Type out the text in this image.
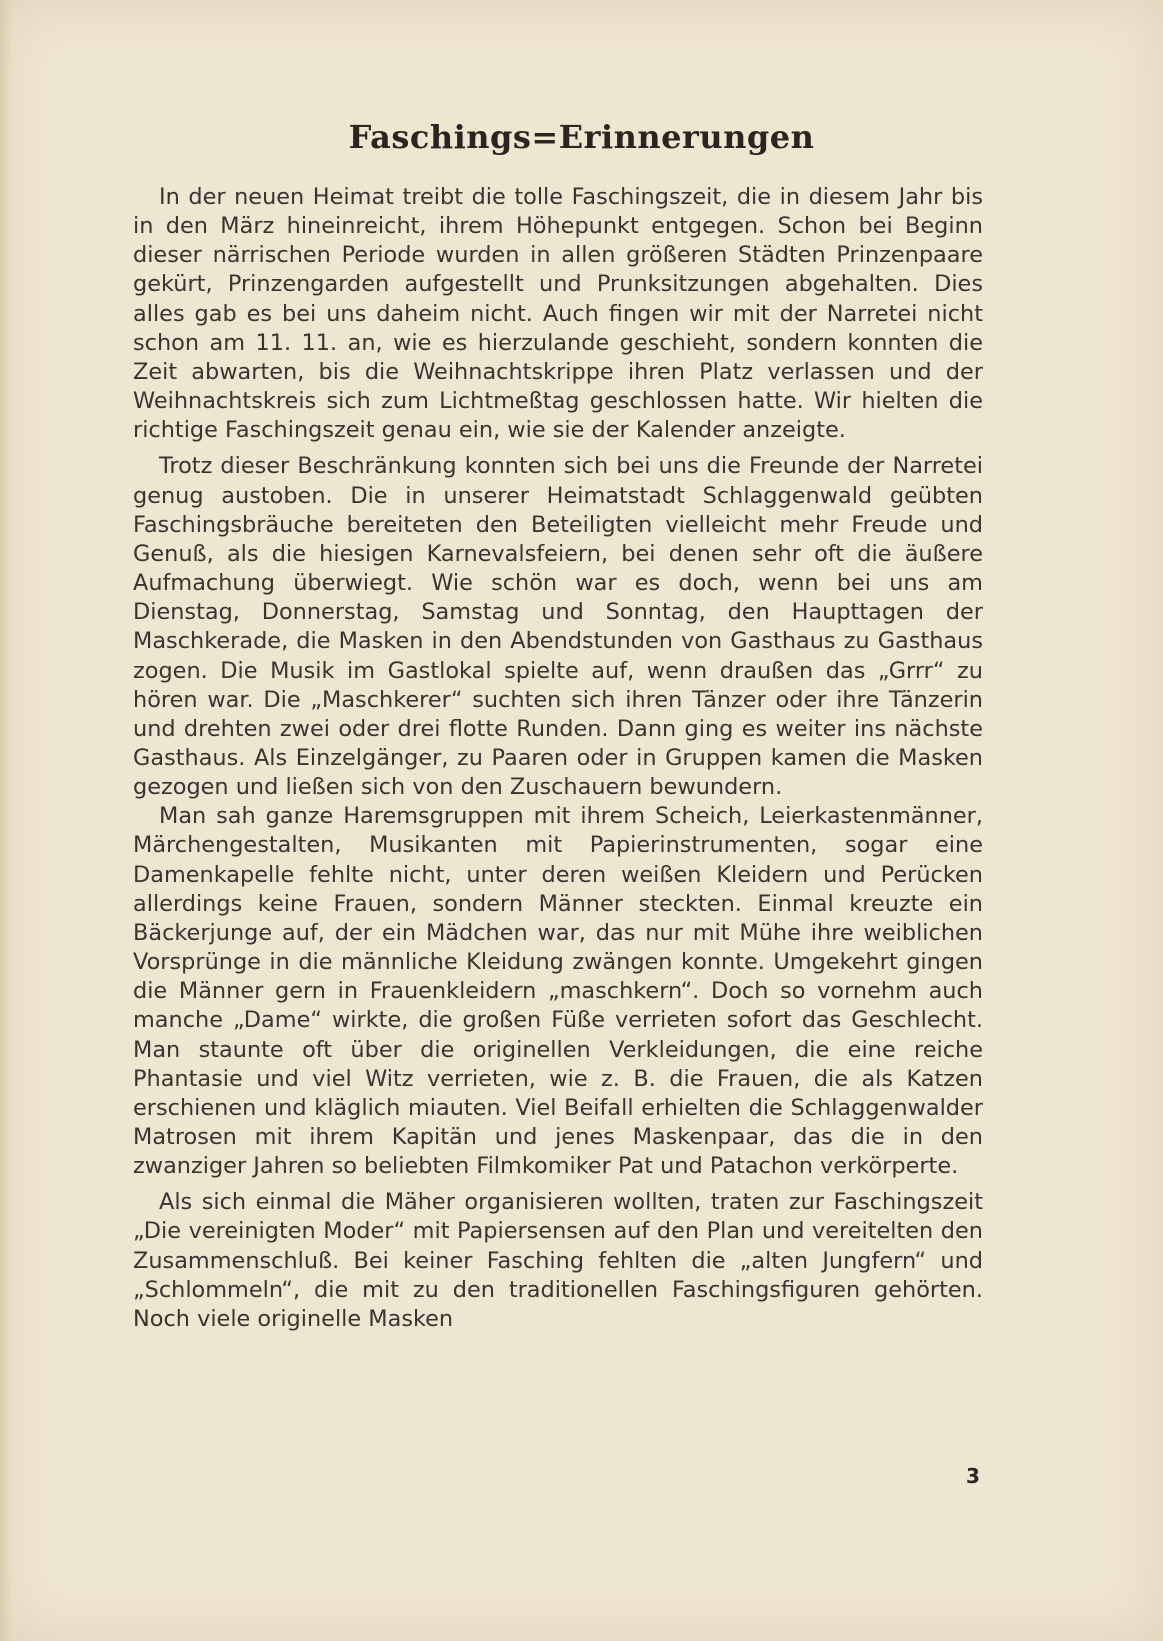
Faschings=Erinnerungen

In der neuen Heimat treibt die tolle Faschingszeit, die in diesem Jahr bis in den März hineinreicht, ihrem Höhepunkt entgegen. Schon bei Beginn dieser närrischen Periode wurden in allen größeren Städten Prinzenpaare gekürt, Prinzengarden aufgestellt und Prunksitzungen abgehalten. Dies alles gab es bei uns daheim nicht. Auch fingen wir mit der Narretei nicht schon am 11. 11. an, wie es hierzulande geschieht, sondern konnten die Zeit abwarten, bis die Weihnachtskrippe ihren Platz verlassen und der Weihnachtskreis sich zum Lichtmeßtag geschlossen hatte. Wir hielten die richtige Faschingszeit genau ein, wie sie der Kalender anzeigte.

Trotz dieser Beschränkung konnten sich bei uns die Freunde der Narretei genug austoben. Die in unserer Heimatstadt Schlaggenwald geübten Faschingsbräuche bereiteten den Beteiligten vielleicht mehr Freude und Genuß, als die hiesigen Karnevalsfeiern, bei denen sehr oft die äußere Aufmachung überwiegt. Wie schön war es doch, wenn bei uns am Dienstag, Donnerstag, Samstag und Sonntag, den Haupttagen der Maschkerade, die Masken in den Abendstunden von Gasthaus zu Gasthaus zogen. Die Musik im Gastlokal spielte auf, wenn draußen das „Grrr“ zu hören war. Die „Maschkerer“ suchten sich ihren Tänzer oder ihre Tänzerin und drehten zwei oder drei flotte Runden. Dann ging es weiter ins nächste Gasthaus. Als Einzelgänger, zu Paaren oder in Gruppen kamen die Masken gezogen und ließen sich von den Zuschauern bewundern.

Man sah ganze Haremsgruppen mit ihrem Scheich, Leierkastenmänner, Märchengestalten, Musikanten mit Papierinstrumenten, sogar eine Damenkapelle fehlte nicht, unter deren weißen Kleidern und Perücken allerdings keine Frauen, sondern Männer steckten. Einmal kreuzte ein Bäckerjunge auf, der ein Mädchen war, das nur mit Mühe ihre weiblichen Vorsprünge in die männliche Kleidung zwängen konnte. Umgekehrt gingen die Männer gern in Frauenkleidern „maschkern“. Doch so vornehm auch manche „Dame“ wirkte, die großen Füße verrieten sofort das Geschlecht. Man staunte oft über die originellen Verkleidungen, die eine reiche Phantasie und viel Witz verrieten, wie z. B. die Frauen, die als Katzen erschienen und kläglich miauten. Viel Beifall erhielten die Schlaggenwalder Matrosen mit ihrem Kapitän und jenes Maskenpaar, das die in den zwanziger Jahren so beliebten Filmkomiker Pat und Patachon verkörperte.

Als sich einmal die Mäher organisieren wollten, traten zur Faschingszeit „Die vereinigten Moder“ mit Papiersensen auf den Plan und vereitelten den Zusammenschluß. Bei keiner Fasching fehlten die „alten Jungfern“ und „Schlommeln“, die mit zu den traditionellen Faschingsfiguren gehörten. Noch viele originelle Masken

3
